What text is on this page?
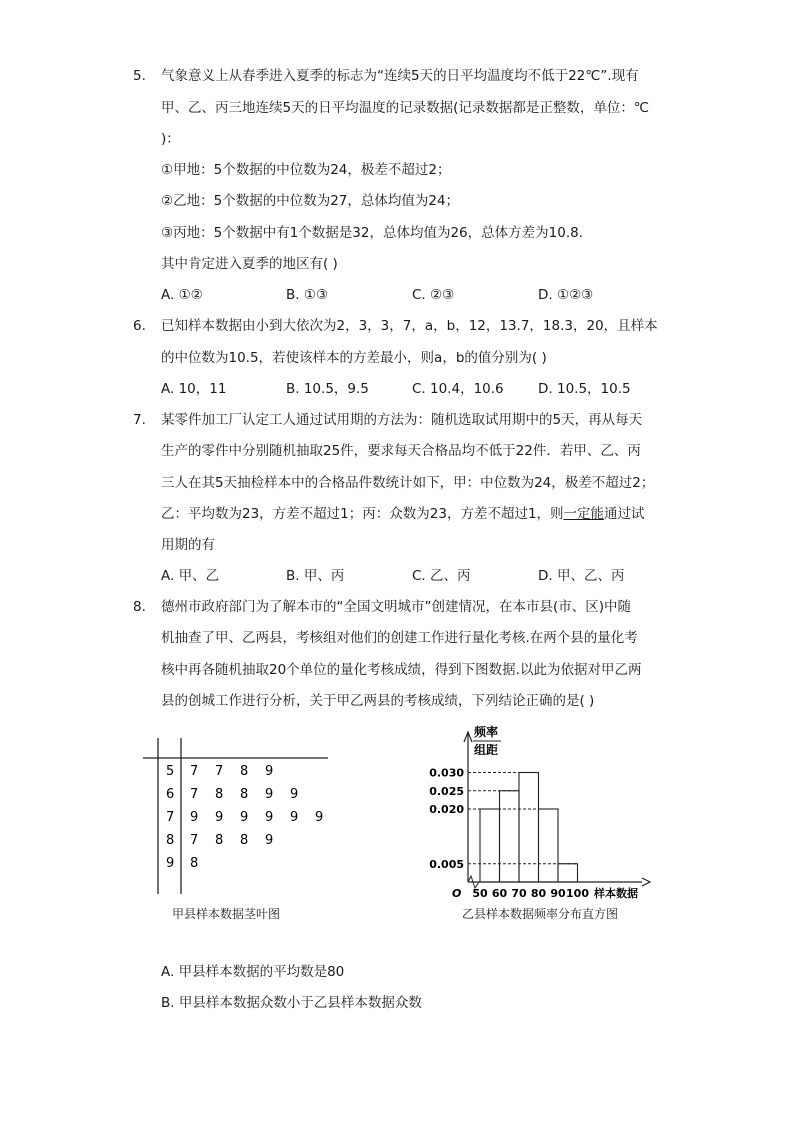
5. 气象意义上从春季进入夏季的标志为“连续5天的日平均温度均不低于22℃”.现有
甲、乙、丙三地连续5天的日平均温度的记录数据(记录数据都是正整数，单位：℃
)：
①甲地：5个数据的中位数为24，极差不超过2；
②乙地：5个数据的中位数为27，总体均值为24；
③丙地：5个数据中有1个数据是32，总体均值为26，总体方差为10.8．
其中肯定进入夏季的地区有( )
A. ①②	B. ①③	C. ②③	D. ①②③
6. 已知样本数据由小到大依次为2，3，3，7，a，b，12，13.7，18.3，20，且样本
的中位数为10.5，若使该样本的方差最小，则a，b的值分别为( )
A. 10，11	B. 10.5，9.5	C. 10.4，10.6	D. 10.5，10.5
7. 某零件加工厂认定工人通过试用期的方法为：随机选取试用期中的5天，再从每天
生产的零件中分别随机抽取25件，要求每天合格品均不低于22件．若甲、乙、丙
三人在其5天抽检样本中的合格品件数统计如下，甲：中位数为24，极差不超过2；
乙：平均数为23，方差不超过1；丙：众数为23，方差不超过1，则一定能通过试
用期的有
A. 甲、乙	B. 甲、丙	C. 乙、丙	D. 甲、乙、丙
8. 德州市政府部门为了解本市的“全国文明城市”创建情况，在本市县(市、区)中随
机抽查了甲、乙两县，考核组对他们的创建工作进行量化考核.在两个县的量化考
核中再各随机抽取20个单位的量化考核成绩，得到下图数据.以此为依据对甲乙两
县的创城工作进行分析，关于甲乙两县的考核成绩，下列结论正确的是( )
5 7 7 8 9
6 7 8 8 9 9
7 9 9 9 9 9 9
8 7 8 8 9
9 8
甲县样本数据茎叶图
频率
组距
0.030
0.025
0.020
0.005
50 60 70 80 90 100 样本数据
O
乙县样本数据频率分布直方图
A. 甲县样本数据的平均数是80
B. 甲县样本数据众数小于乙县样本数据众数
